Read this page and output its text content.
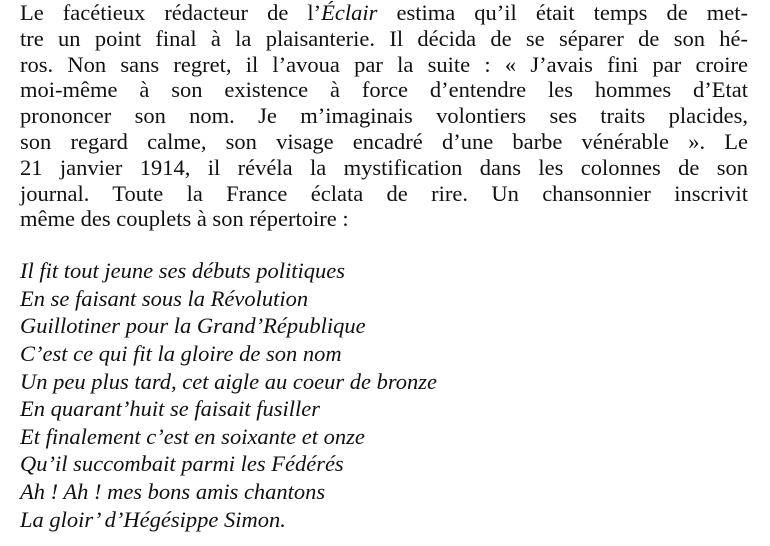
Le facétieux rédacteur de l’Éclair estima qu’il était temps de met-
tre un point final à la plaisanterie. Il décida de se séparer de son hé-
ros. Non sans regret, il l’avoua par la suite : « J’avais fini par croire
moi-même à son existence à force d’entendre les hommes d’Etat
prononcer son nom. Je m’imaginais volontiers ses traits placides,
son regard calme, son visage encadré d’une barbe vénérable ». Le
21 janvier 1914, il révéla la mystification dans les colonnes de son
journal. Toute la France éclata de rire. Un chansonnier inscrivit
même des couplets à son répertoire :
Il fit tout jeune ses débuts politiques
En se faisant sous la Révolution
Guillotiner pour la Grand’République
C’est ce qui fit la gloire de son nom
Un peu plus tard, cet aigle au coeur de bronze
En quarant’huit se faisait fusiller
Et finalement c’est en soixante et onze
Qu’il succombait parmi les Fédérés
Ah ! Ah ! mes bons amis chantons
La gloir’ d’Hégésippe Simon.
